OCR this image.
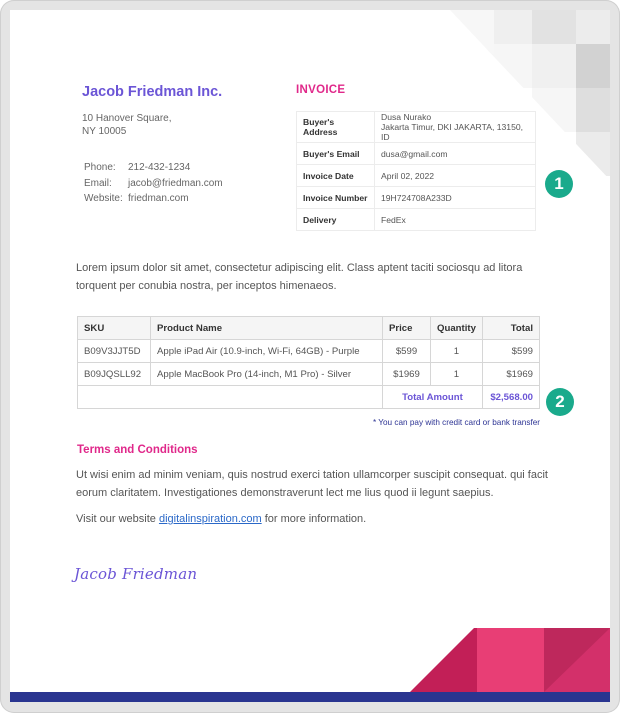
Jacob Friedman Inc.
10 Hanover Square,
NY 10005
Phone:	212-432-1234
Email:	jacob@friedman.com
Website: friedman.com
INVOICE
Buyer's Address	Dusa Nurako
Jakarta Timur, DKI JAKARTA, 13150, ID

Buyer's Email	dusa@gmail.com
Invoice Date	April 02, 2022
Invoice Number	19H724708A233D
Delivery	FedEx
1
Lorem ipsum dolor sit amet, consectetur adipiscing elit. Class aptent taciti sociosqu ad litora torquent per conubia nostra, per inceptos himenaeos.
SKU	Product Name	Price	Quantity	Total
B09V3JJT5D	Apple iPad Air (10.9-inch, Wi-Fi, 64GB) - Purple	$599	1	$599
B09JQSLL92	Apple MacBook Pro (14-inch, M1 Pro) - Silver	$1969	1	$1969
		Total Amount		$2,568.00	2
* You can pay with credit card or bank transfer
Terms and Conditions
Ut wisi enim ad minim veniam, quis nostrud exerci tation ullamcorper suscipit consequat. qui facit eorum claritatem. Investigationes demonstraverunt lect me lius quod ii legunt saepius.
Visit our website digitalinspiration.com for more information.
Jacob Friedman
